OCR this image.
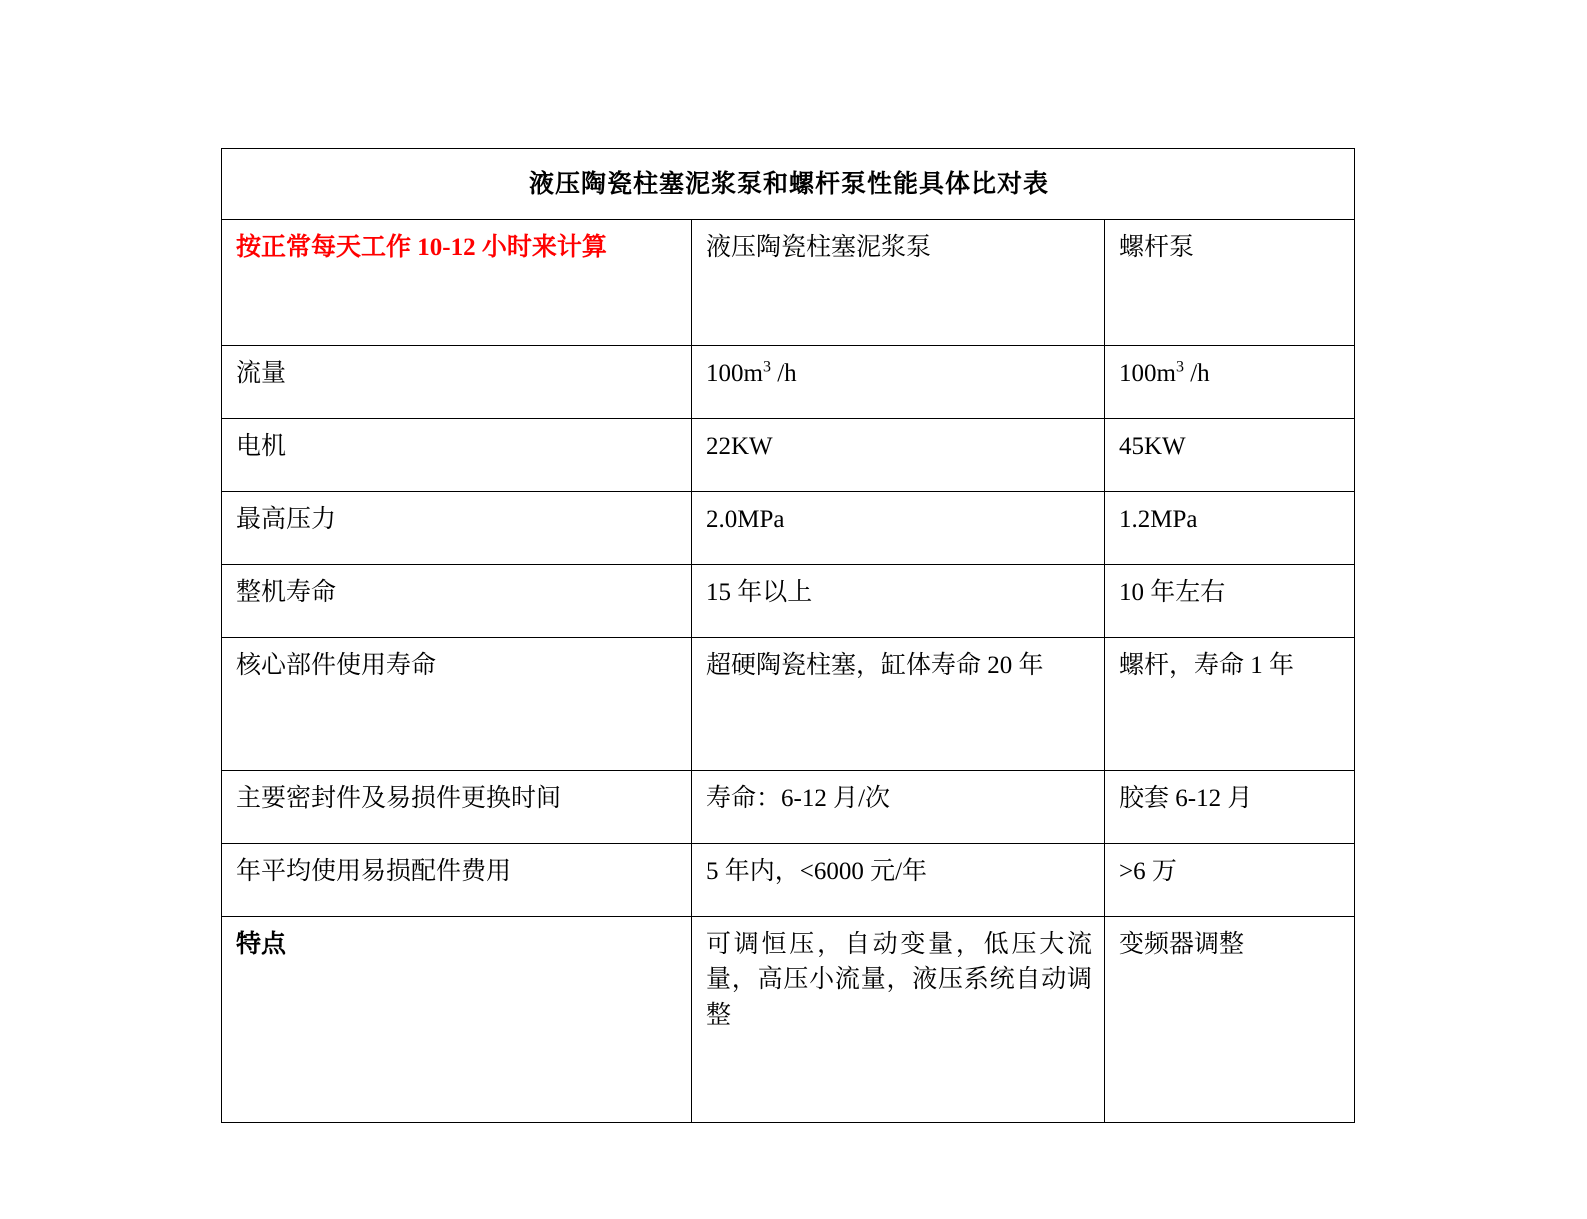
液压陶瓷柱塞泥浆泵和螺杆泵性能具体比对表		
按正常每天工作 10-12 小时来计算	液压陶瓷柱塞泥浆泵	螺杆泵
流量	$100m^3$ /h	$100m^3$ /h
电机	22KW	45KW
最高压力	2.0MPa	1.2MPa
整机寿命	15 年以上	10 年左右
核心部件使用寿命	超硬陶瓷柱塞，缸体寿命 20 年	螺杆，寿命 1 年
主要密封件及易损件更换时间	寿命：6-12 月/次	胶套 6-12 月
年平均使用易损配件费用	5 年内，<6000 元/年	>6 万
特点	可调恒压，自动变量，低压大流量，高压小流量，液压系统自动调整	变频器调整
